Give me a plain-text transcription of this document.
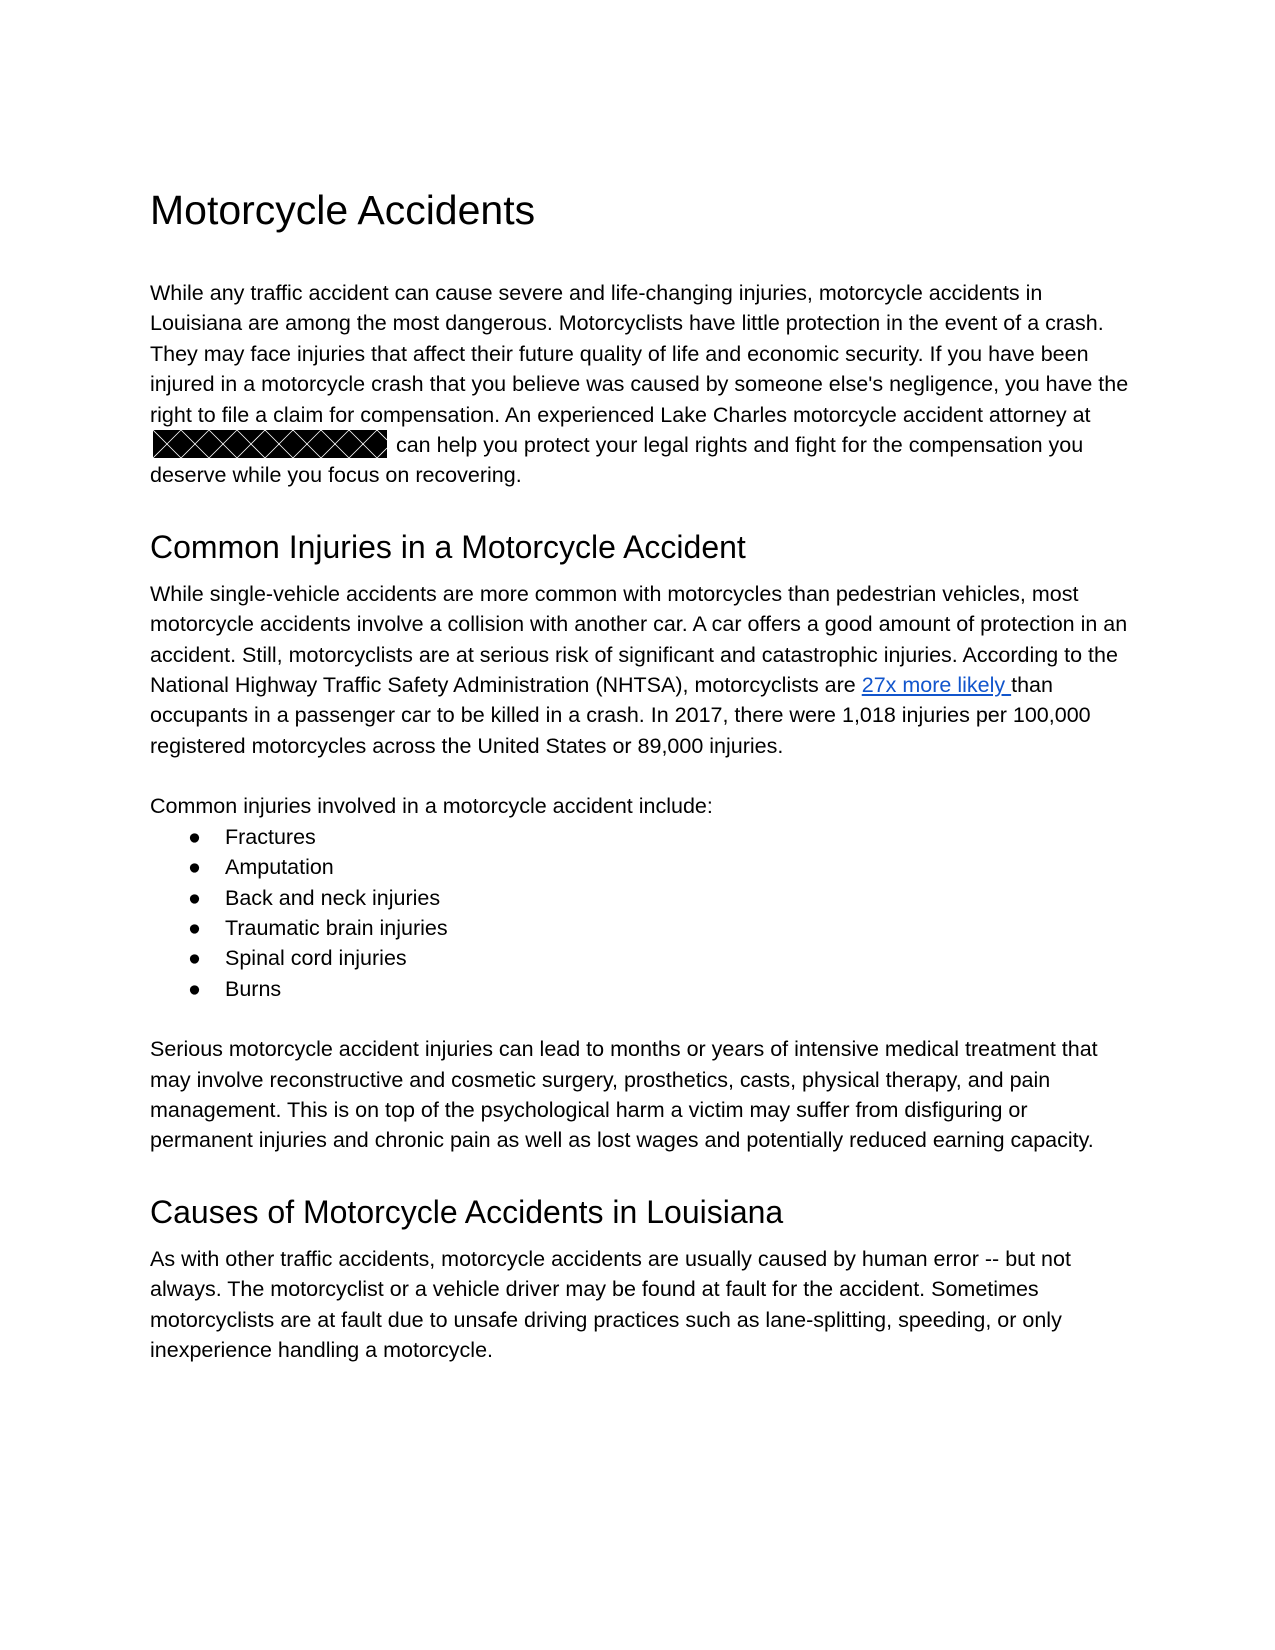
Motorcycle Accidents

While any traffic accident can cause severe and life-changing injuries, motorcycle accidents in Louisiana are among the most dangerous. Motorcyclists have little protection in the event of a crash. They may face injuries that affect their future quality of life and economic security. If you have been injured in a motorcycle crash that you believe was caused by someone else's negligence, you have the right to file a claim for compensation. An experienced Lake Charles motorcycle accident attorney at
can help you protect your legal rights and fight for the compensation you deserve while you focus on recovering.

Common Injuries in a Motorcycle Accident

While single-vehicle accidents are more common with motorcycles than pedestrian vehicles, most motorcycle accidents involve a collision with another car. A car offers a good amount of protection in an accident. Still, motorcyclists are at serious risk of significant and catastrophic injuries. According to the National Highway Traffic Safety Administration (NHTSA), motorcyclists are 27x more likely than occupants in a passenger car to be killed in a crash. In 2017, there were 1,018 injuries per 100,000 registered motorcycles across the United States or 89,000 injuries.

Common injuries involved in a motorcycle accident include:

● Fractures
● Amputation
● Back and neck injuries
● Traumatic brain injuries
● Spinal cord injuries
● Burns

Serious motorcycle accident injuries can lead to months or years of intensive medical treatment that may involve reconstructive and cosmetic surgery, prosthetics, casts, physical therapy, and pain management. This is on top of the psychological harm a victim may suffer from disfiguring or permanent injuries and chronic pain as well as lost wages and potentially reduced earning capacity.

Causes of Motorcycle Accidents in Louisiana

As with other traffic accidents, motorcycle accidents are usually caused by human error -- but not always. The motorcyclist or a vehicle driver may be found at fault for the accident. Sometimes motorcyclists are at fault due to unsafe driving practices such as lane-splitting, speeding, or only inexperience handling a motorcycle.
